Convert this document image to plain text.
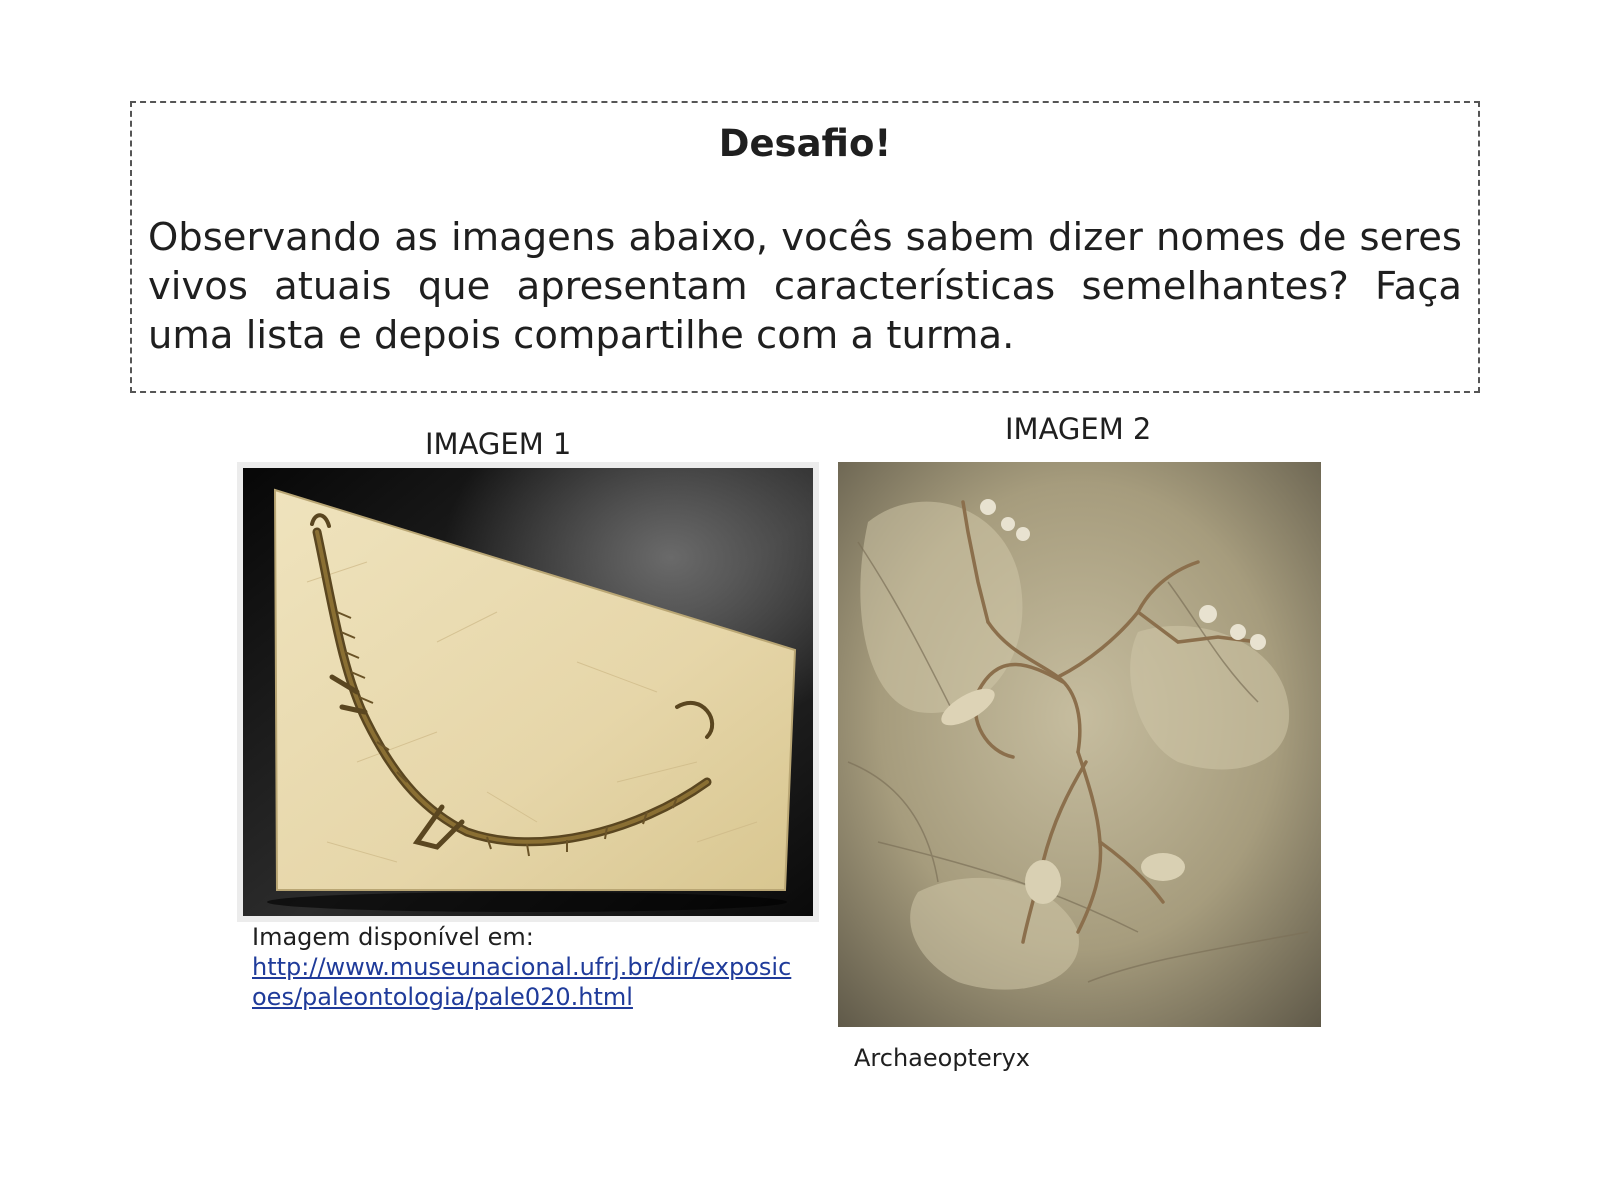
Desafio!
Observando as imagens abaixo, vocês sabem dizer nomes de seres vivos atuais que apresentam características semelhantes? Faça uma lista e depois compartilhe com a turma.
IMAGEM 1	IMAGEM 2
Imagem disponível em:
http://www.museunacional.ufrj.br/dir/exposicoes/paleontologia/pale020.html
Archaeopteryx
